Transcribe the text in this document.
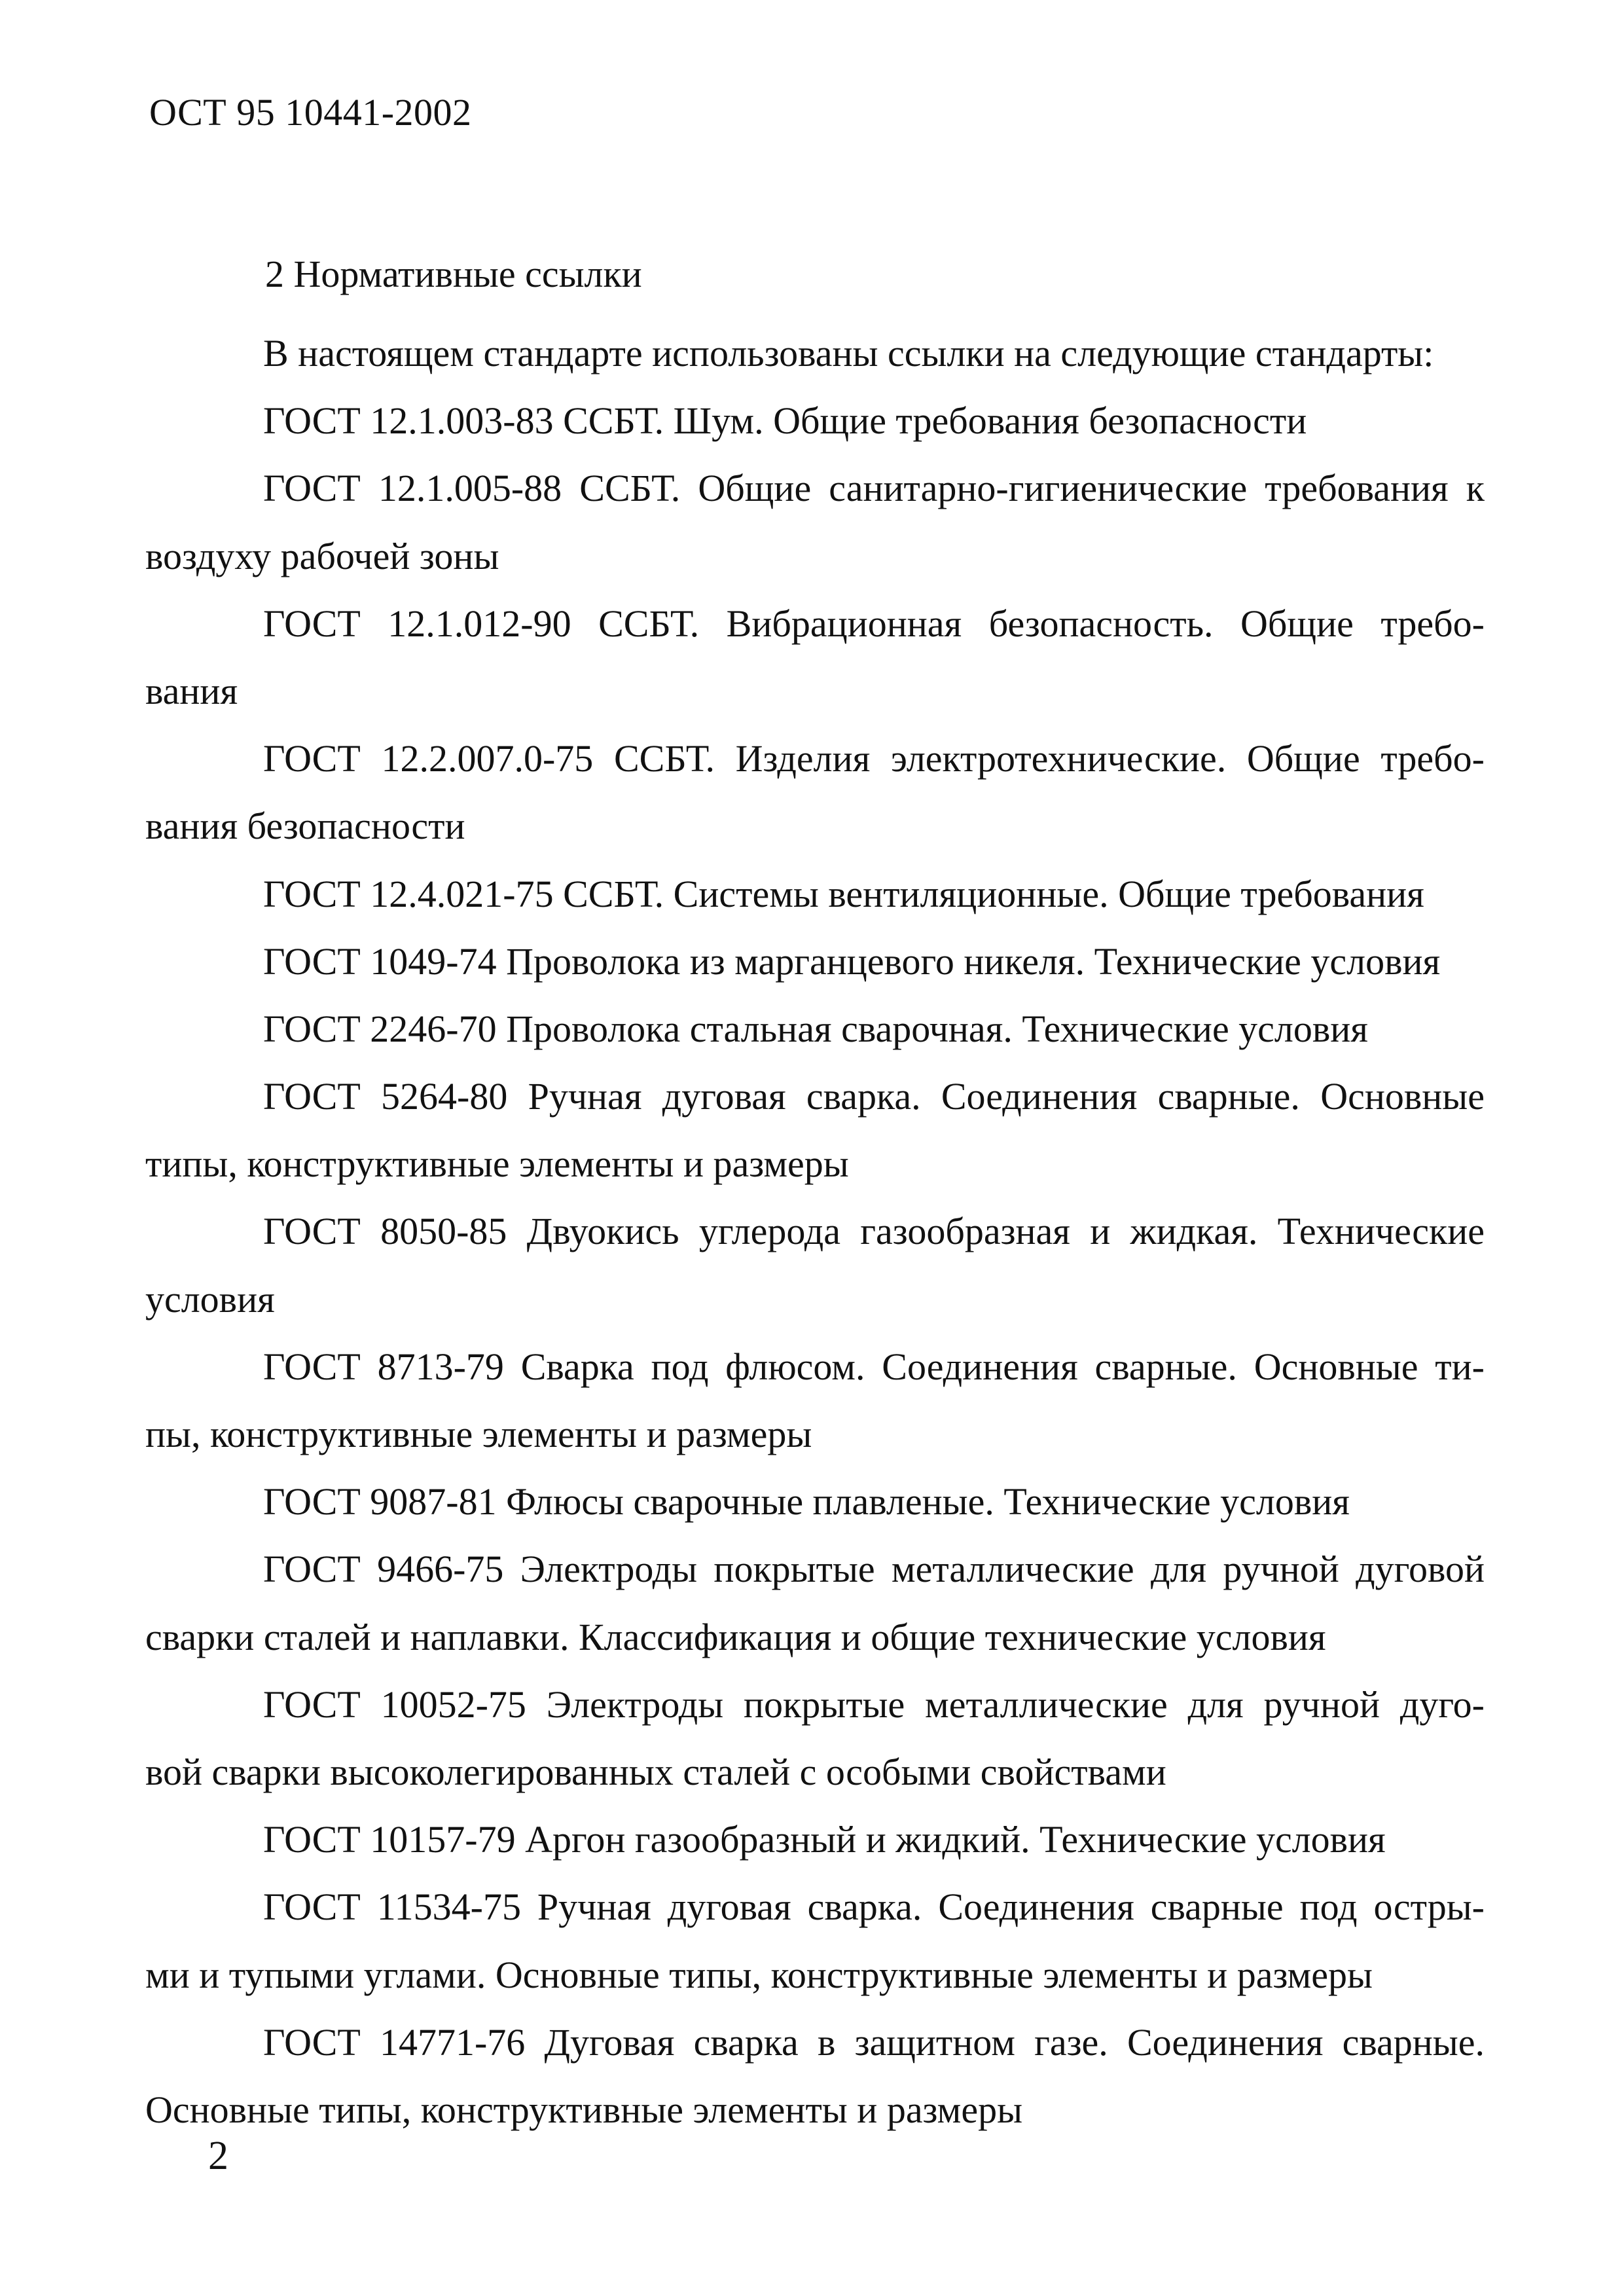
ОСТ 95 10441-2002
2 Нормативные ссылки
В настоящем стандарте использованы ссылки на следующие стандарты:
ГОСТ 12.1.003-83 ССБТ. Шум. Общие требования безопасности
ГОСТ 12.1.005-88 ССБТ. Общие санитарно-гигиенические требования к
воздуху рабочей зоны
ГОСТ 12.1.012-90 ССБТ. Вибрационная безопасность. Общие требо-
вания
ГОСТ 12.2.007.0-75 ССБТ. Изделия электротехнические. Общие требо-
вания безопасности
ГОСТ 12.4.021-75 ССБТ. Системы вентиляционные. Общие требования
ГОСТ 1049-74 Проволока из марганцевого никеля. Технические условия
ГОСТ 2246-70 Проволока стальная сварочная. Технические условия
ГОСТ 5264-80 Ручная дуговая сварка. Соединения сварные. Основные
типы, конструктивные элементы и размеры
ГОСТ 8050-85 Двуокись углерода газообразная и жидкая. Технические
условия
ГОСТ 8713-79 Сварка под флюсом. Соединения сварные. Основные ти-
пы, конструктивные элементы и размеры
ГОСТ 9087-81 Флюсы сварочные плавленые. Технические условия
ГОСТ 9466-75 Электроды покрытые металлические для ручной дуговой
сварки сталей и наплавки. Классификация и общие технические условия
ГОСТ 10052-75 Электроды покрытые металлические для ручной дуго-
вой сварки высоколегированных сталей с особыми свойствами
ГОСТ 10157-79 Аргон газообразный и жидкий. Технические условия
ГОСТ 11534-75 Ручная дуговая сварка. Соединения сварные под остры-
ми и тупыми углами. Основные типы, конструктивные элементы и размеры
ГОСТ 14771-76 Дуговая сварка в защитном газе. Соединения сварные.
Основные типы, конструктивные элементы и размеры
2
